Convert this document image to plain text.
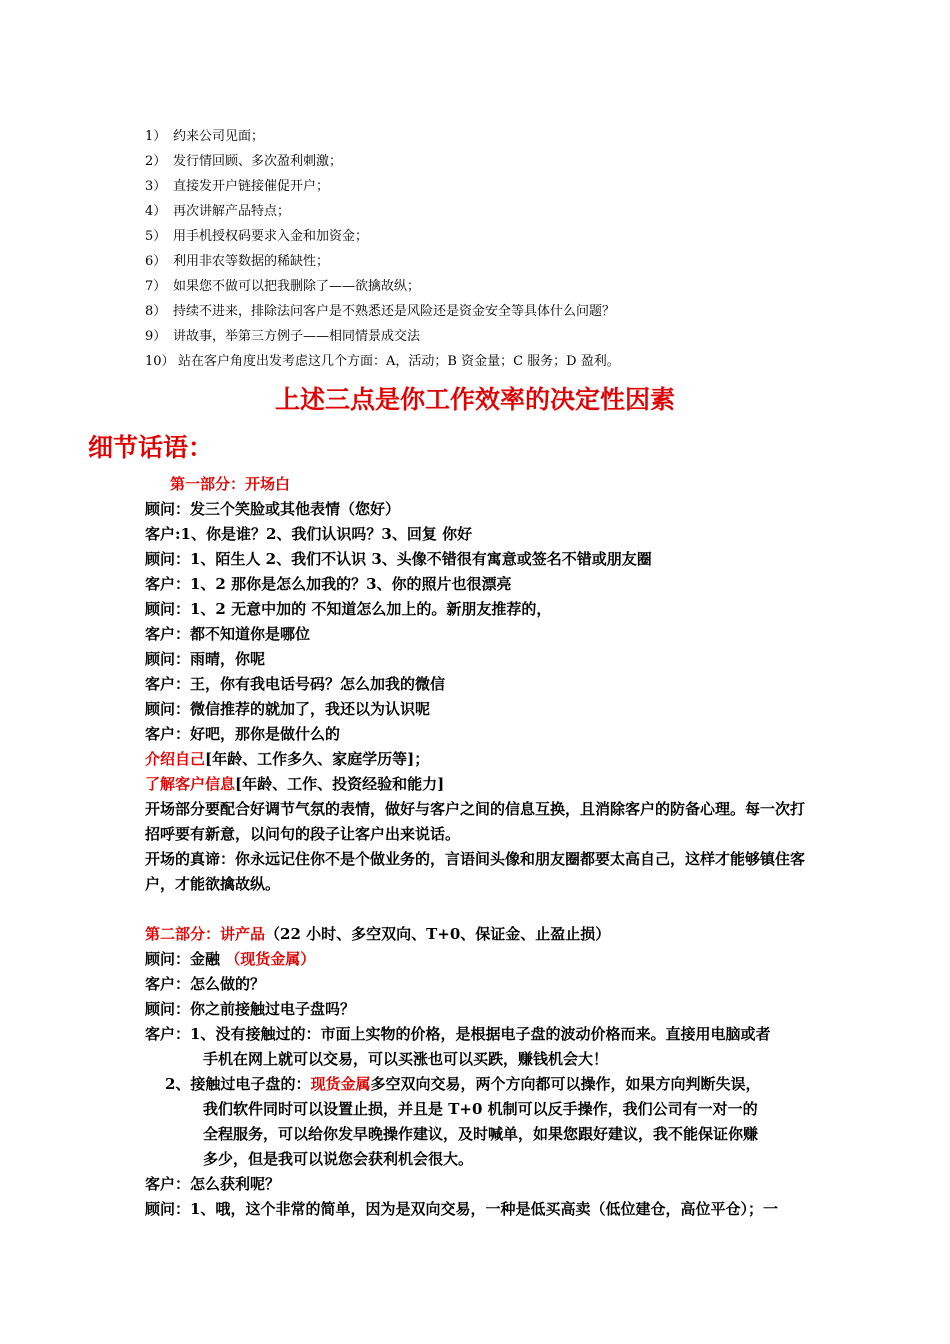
1） 约来公司见面；
2） 发行情回顾、多次盈利刺激；
3） 直接发开户链接催促开户；
4） 再次讲解产品特点；
5） 用手机授权码要求入金和加资金；
6） 利用非农等数据的稀缺性；
7） 如果您不做可以把我删除了——欲擒故纵；
8） 持续不进来，排除法问客户是不熟悉还是风险还是资金安全等具体什么问题？
9） 讲故事，举第三方例子——相同情景成交法
10） 站在客户角度出发考虑这几个方面：A，活动；B 资金量；C 服务；D 盈利。
上述三点是你工作效率的决定性因素
细节话语：

第一部分：开场白

顾问：发三个笑脸或其他表情（您好）

客户:1、你是谁？2、我们认识吗？3、回复 你好

顾问：1、陌生人 2、我们不认识 3、头像不错很有寓意或签名不错或朋友圈

客户：1、2 那你是怎么加我的？3、你的照片也很漂亮

顾问：1、2 无意中加的 不知道怎么加上的。新朋友推荐的，

客户：都不知道你是哪位

顾问：雨晴，你呢

客户：王，你有我电话号码？怎么加我的微信

顾问：微信推荐的就加了，我还以为认识呢

客户：好吧，那你是做什么的

介绍自己[年龄、工作多久、家庭学历等]；

了解客户信息[年龄、工作、投资经验和能力]

开场部分要配合好调节气氛的表情，做好与客户之间的信息互换，且消除客户的防备心理。每一次打招呼要有新意，以问句的段子让客户出来说话。

开场的真谛：你永远记住你不是个做业务的，言语间头像和朋友圈都要太高自己，这样才能够镇住客户，才能欲擒故纵。

第二部分：讲产品（22 小时、多空双向、T+0、保证金、止盈止损）

顾问：金融 （现货金属）

客户：怎么做的？

顾问：你之前接触过电子盘吗？

客户：1、没有接触过的：市面上实物的价格，是根据电子盘的波动价格而来。直接用电脑或者

手机在网上就可以交易，可以买涨也可以买跌，赚钱机会大！

2、接触过电子盘的：现货金属多空双向交易，两个方向都可以操作，如果方向判断失误，

我们软件同时可以设置止损，并且是 T+0 机制可以反手操作，我们公司有一对一的

全程服务，可以给你发早晚操作建议，及时喊单，如果您跟好建议，我不能保证你赚

多少，但是我可以说您会获利机会很大。

客户：怎么获利呢？

顾问：1、哦，这个非常的简单，因为是双向交易，一种是低买高卖（低位建仓，高位平仓）；一
